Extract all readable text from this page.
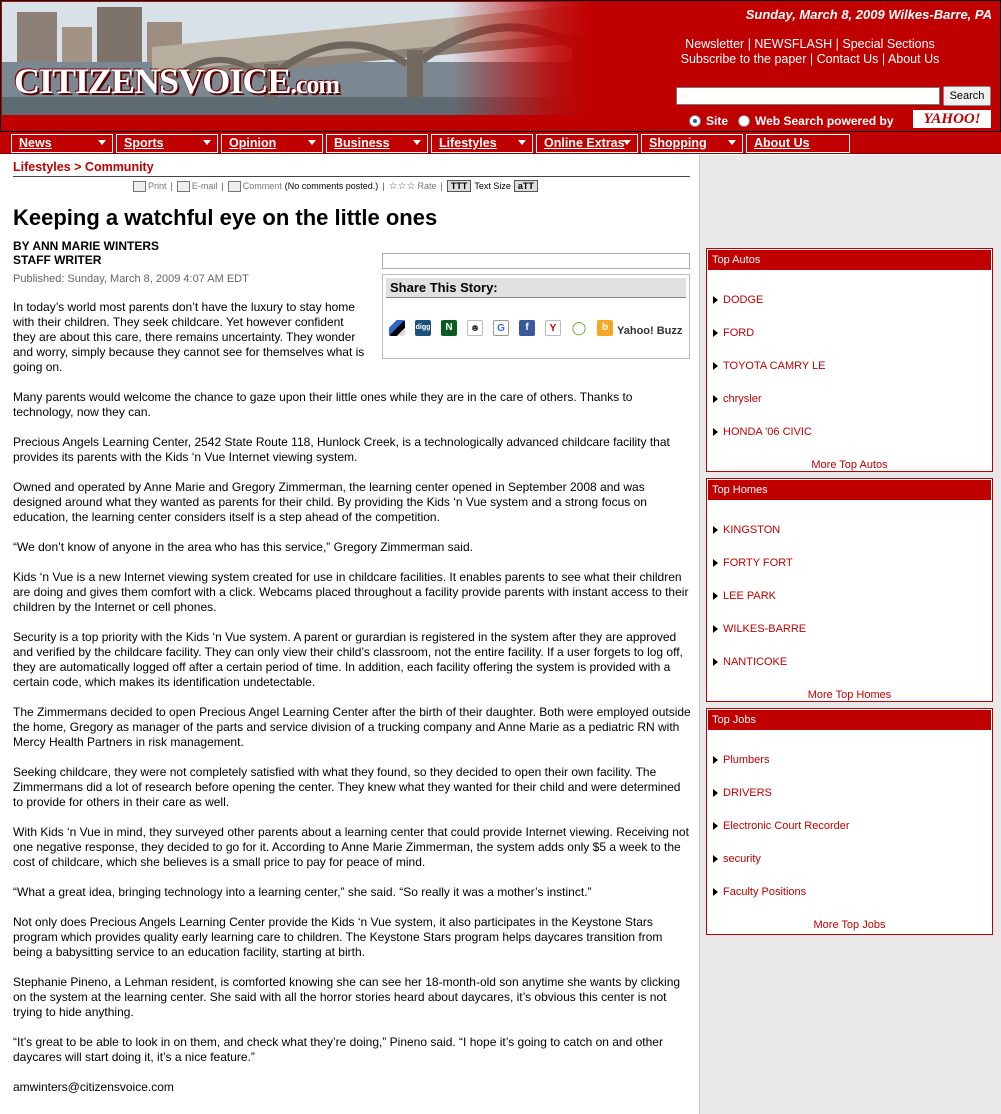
CITIZENSVOICE.com
Sunday, March 8, 2009 Wilkes-Barre, PA
Newsletter | NEWSFLASH | Special Sections
Subscribe to the paper | Contact Us | About Us
Search
Site Web Search powered by	YAHOO!
News	Sports	Opinion	Business	Lifestyles	Online Extras	Shopping	About Us
Lifestyles > Community
Print | E-mail | Comment (No comments posted.) | ☆☆☆ Rate | TTT Text Size aTT
Keeping a watchful eye on the little ones
BY ANN MARIE WINTERS
STAFF WRITER
Published: Sunday, March 8, 2009 4:07 AM EDT
Share This Story:
digg	N	☻	G	f	Y	◯	b Yahoo! Buzz
In today’s world most parents don’t have the luxury to stay home with their children. They seek childcare. Yet however confident they are about this care, there remains uncertainty. They wonder and worry, simply because they cannot see for themselves what is going on.
Many parents would welcome the chance to gaze upon their little ones while they are in the care of others. Thanks to technology, now they can.
Precious Angels Learning Center, 2542 State Route 118, Hunlock Creek, is a technologically advanced childcare facility that provides its parents with the Kids ‘n Vue Internet viewing system.
Owned and operated by Anne Marie and Gregory Zimmerman, the learning center opened in September 2008 and was designed around what they wanted as parents for their child. By providing the Kids ‘n Vue system and a strong focus on education, the learning center considers itself is a step ahead of the competition.
“We don’t know of anyone in the area who has this service,” Gregory Zimmerman said.
Kids ‘n Vue is a new Internet viewing system created for use in childcare facilities. It enables parents to see what their children are doing and gives them comfort with a click. Webcams placed throughout a facility provide parents with instant access to their children by the Internet or cell phones.
Security is a top priority with the Kids ‘n Vue system. A parent or gurardian is registered in the system after they are approved and verified by the childcare facility. They can only view their child’s classroom, not the entire facility. If a user forgets to log off, they are automatically logged off after a certain period of time. In addition, each facility offering the system is provided with a certain code, which makes its identification undetectable.
The Zimmermans decided to open Precious Angel Learning Center after the birth of their daughter. Both were employed outside the home, Gregory as manager of the parts and service division of a trucking company and Anne Marie as a pediatric RN with Mercy Health Partners in risk management.
Seeking childcare, they were not completely satisfied with what they found, so they decided to open their own facility. The Zimmermans did a lot of research before opening the center. They knew what they wanted for their child and were determined to provide for others in their care as well.
With Kids ‘n Vue in mind, they surveyed other parents about a learning center that could provide Internet viewing. Receiving not one negative response, they decided to go for it. According to Anne Marie Zimmerman, the system adds only $5 a week to the cost of childcare, which she believes is a small price to pay for peace of mind.
“What a great idea, bringing technology into a learning center,” she said. “So really it was a mother’s instinct.”
Not only does Precious Angels Learning Center provide the Kids ‘n Vue system, it also participates in the Keystone Stars program which provides quality early learning care to children. The Keystone Stars program helps daycares transition from being a babysitting service to an education facility, starting at birth.
Stephanie Pineno, a Lehman resident, is comforted knowing she can see her 18-month-old son anytime she wants by clicking on the system at the learning center. She said with all the horror stories heard about daycares, it’s obvious this center is not trying to hide anything.
“It’s great to be able to look in on them, and check what they’re doing,” Pineno said. “I hope it’s going to catch on and other daycares will start doing it, it’s a nice feature.”
amwinters@citizensvoice.com
Top Autos
DODGE
FORD
TOYOTA CAMRY LE
chrysler
HONDA '06 CIVIC
More Top Autos
Top Homes
KINGSTON
FORTY FORT
LEE PARK
WILKES-BARRE
NANTICOKE
More Top Homes
Top Jobs
Plumbers
DRIVERS
Electronic Court Recorder
security
Faculty Positions
More Top Jobs
